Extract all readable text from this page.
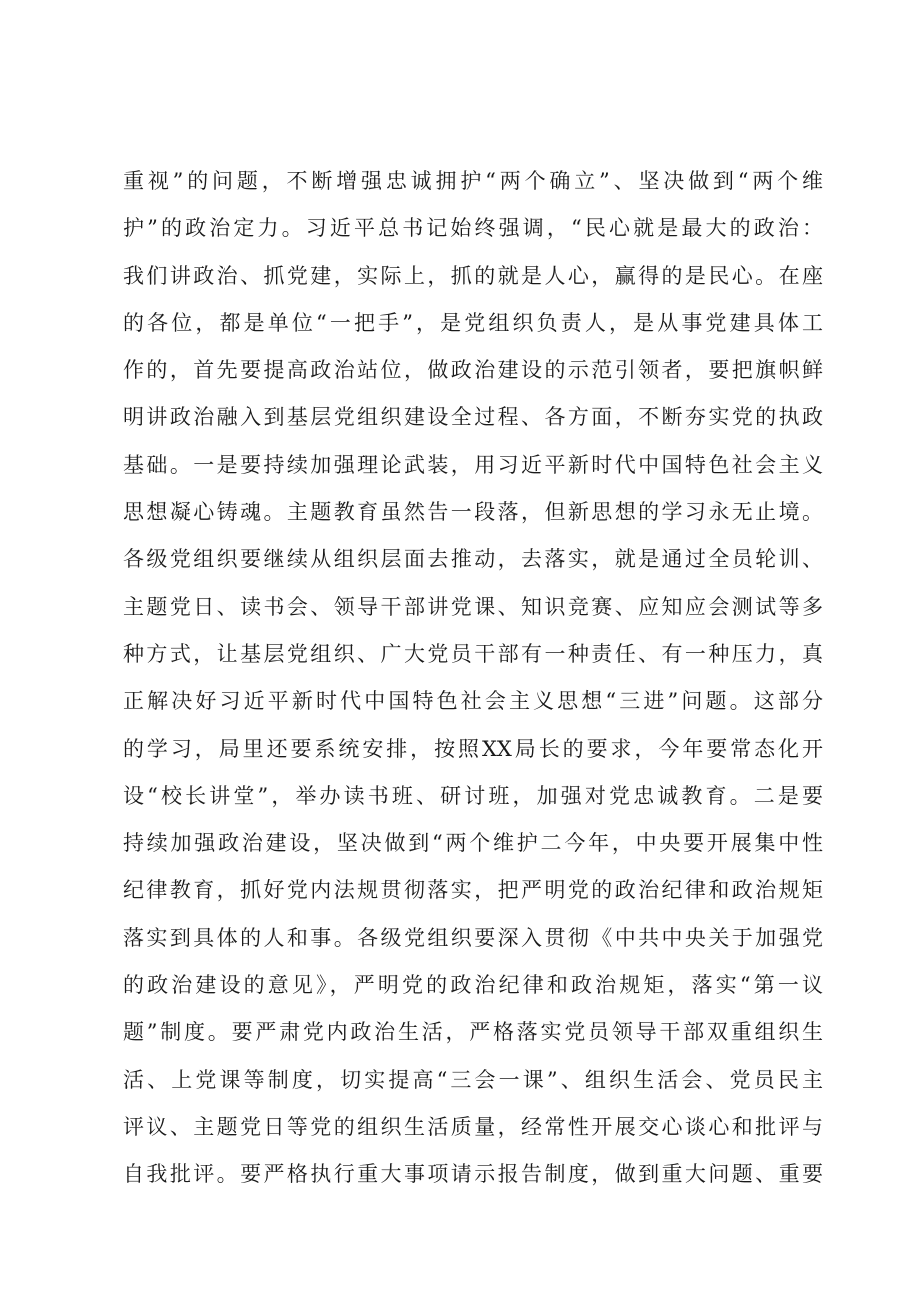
重视”的问题，不断增强忠诚拥护“两个确立”、坚决做到“两个维
护”的政治定力。习近平总书记始终强调，“民心就是最大的政治：
我们讲政治、抓党建，实际上，抓的就是人心，赢得的是民心。在座
的各位，都是单位“一把手”，是党组织负责人，是从事党建具体工
作的，首先要提高政治站位，做政治建设的示范引领者，要把旗帜鲜
明讲政治融入到基层党组织建设全过程、各方面，不断夯实党的执政
基础。一是要持续加强理论武装，用习近平新时代中国特色社会主义
思想凝心铸魂。主题教育虽然告一段落，但新思想的学习永无止境。
各级党组织要继续从组织层面去推动，去落实，就是通过全员轮训、
主题党日、读书会、领导干部讲党课、知识竞赛、应知应会测试等多
种方式，让基层党组织、广大党员干部有一种责任、有一种压力，真
正解决好习近平新时代中国特色社会主义思想“三进”问题。这部分
的学习，局里还要系统安排，按照XX局长的要求，今年要常态化开
设“校长讲堂”，举办读书班、研讨班，加强对党忠诚教育。二是要
持续加强政治建设，坚决做到“两个维护二今年，中央要开展集中性
纪律教育，抓好党内法规贯彻落实，把严明党的政治纪律和政治规矩
落实到具体的人和事。各级党组织要深入贯彻《中共中央关于加强党
的政治建设的意见》，严明党的政治纪律和政治规矩，落实“第一议
题”制度。要严肃党内政治生活，严格落实党员领导干部双重组织生
活、上党课等制度，切实提高“三会一课”、组织生活会、党员民主
评议、主题党日等党的组织生活质量，经常性开展交心谈心和批评与
自我批评。要严格执行重大事项请示报告制度，做到重大问题、重要
